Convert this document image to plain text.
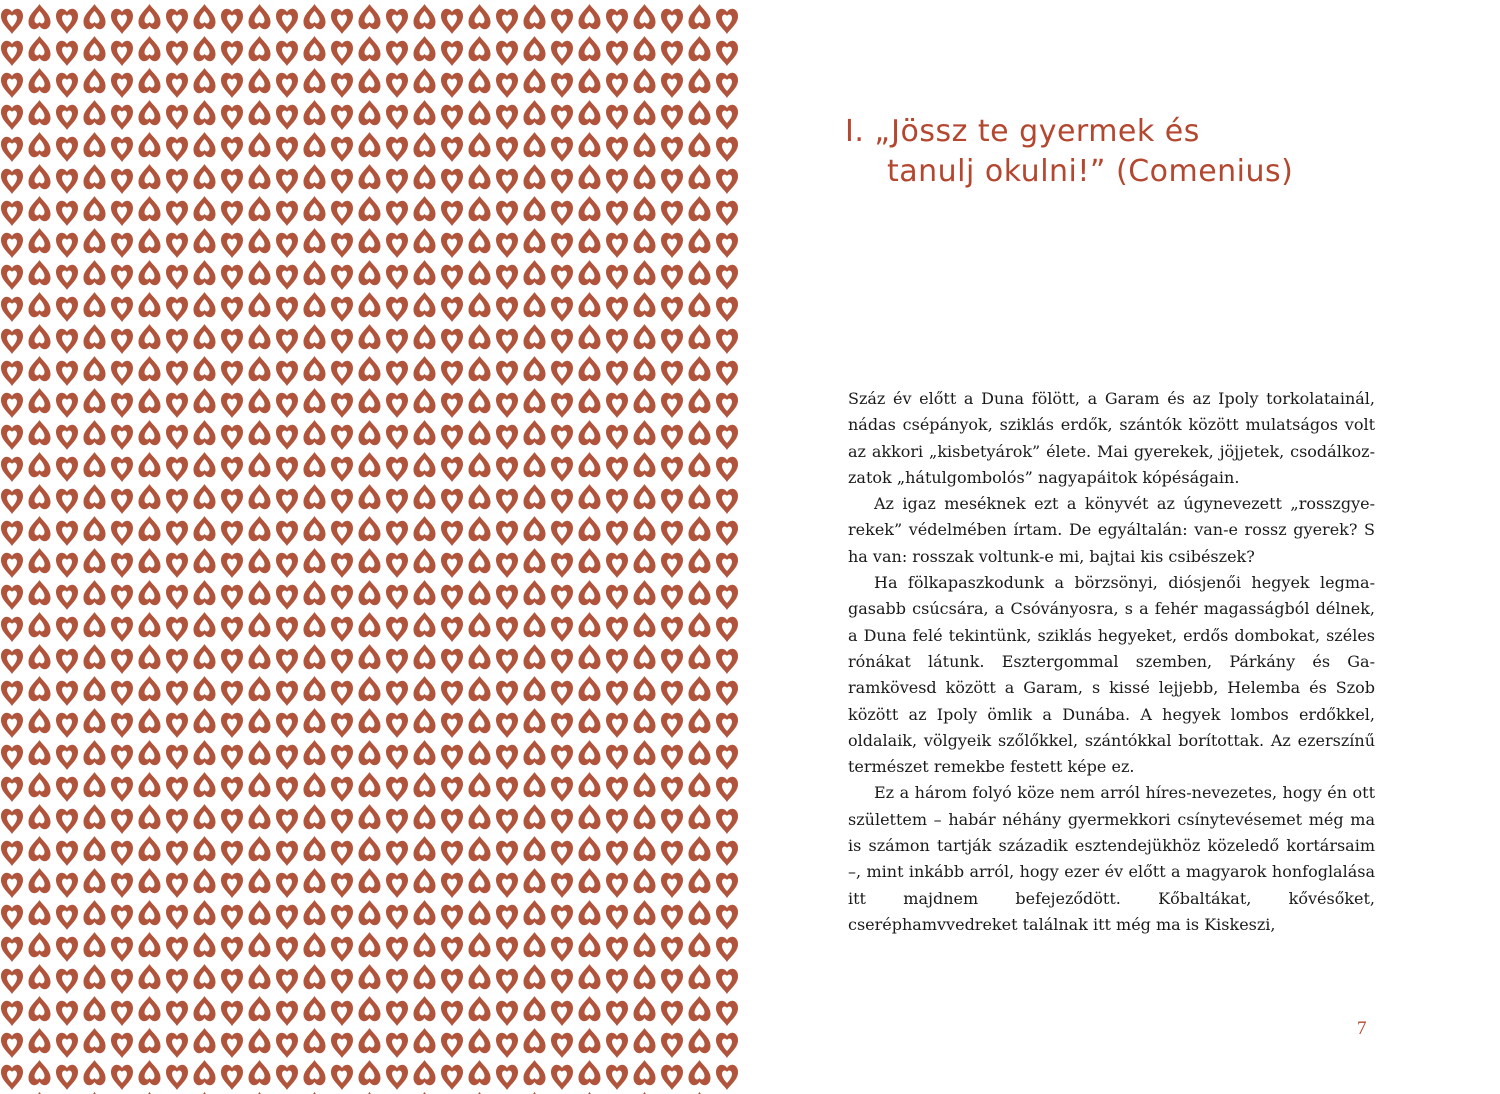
I. „Jössz te gyermek és
tanulj okulni!” (Comenius)

Száz év előtt a Duna fölött, a Garam és az Ipoly torkolatainál, nádas csépányok, sziklás erdők, szántók között mulatságos volt az akkori „kisbetyárok” élete. Mai gyerekek, jöjjetek, csodálkozzatok „hátulgombolós” nagyapáitok kópéságain.

Az igaz meséknek ezt a könyvét az úgynevezett „rosszgyerekek” védelmében írtam. De egyáltalán: van-e rossz gyerek? S ha van: rosszak voltunk-e mi, bajtai kis csibészek?

Ha fölkapaszkodunk a börzsönyi, diósjenői hegyek legmagasabb csúcsára, a Csóványosra, s a fehér magasságból délnek, a Duna felé tekintünk, sziklás hegyeket, erdős dombokat, széles rónákat látunk. Esztergommal szemben, Párkány és Garamkövesd között a Garam, s kissé lejjebb, Helemba és Szob között az Ipoly ömlik a Dunába. A hegyek lombos erdőkkel, oldalaik, völgyeik szőlőkkel, szántókkal borítottak. Az ezerszínű természet remekbe festett képe ez.

Ez a három folyó köze nem arról híres-nevezetes, hogy én ott születtem – habár néhány gyermekkori csínytevésemet még ma is számon tartják századik esztendejükhöz közeledő kortársaim –, mint inkább arról, hogy ezer év előtt a magyarok honfoglalása itt majdnem befejeződött. Kőbaltákat, kővésőket, cseréphamvvedreket találnak itt még ma is Kiskeszi,

7
